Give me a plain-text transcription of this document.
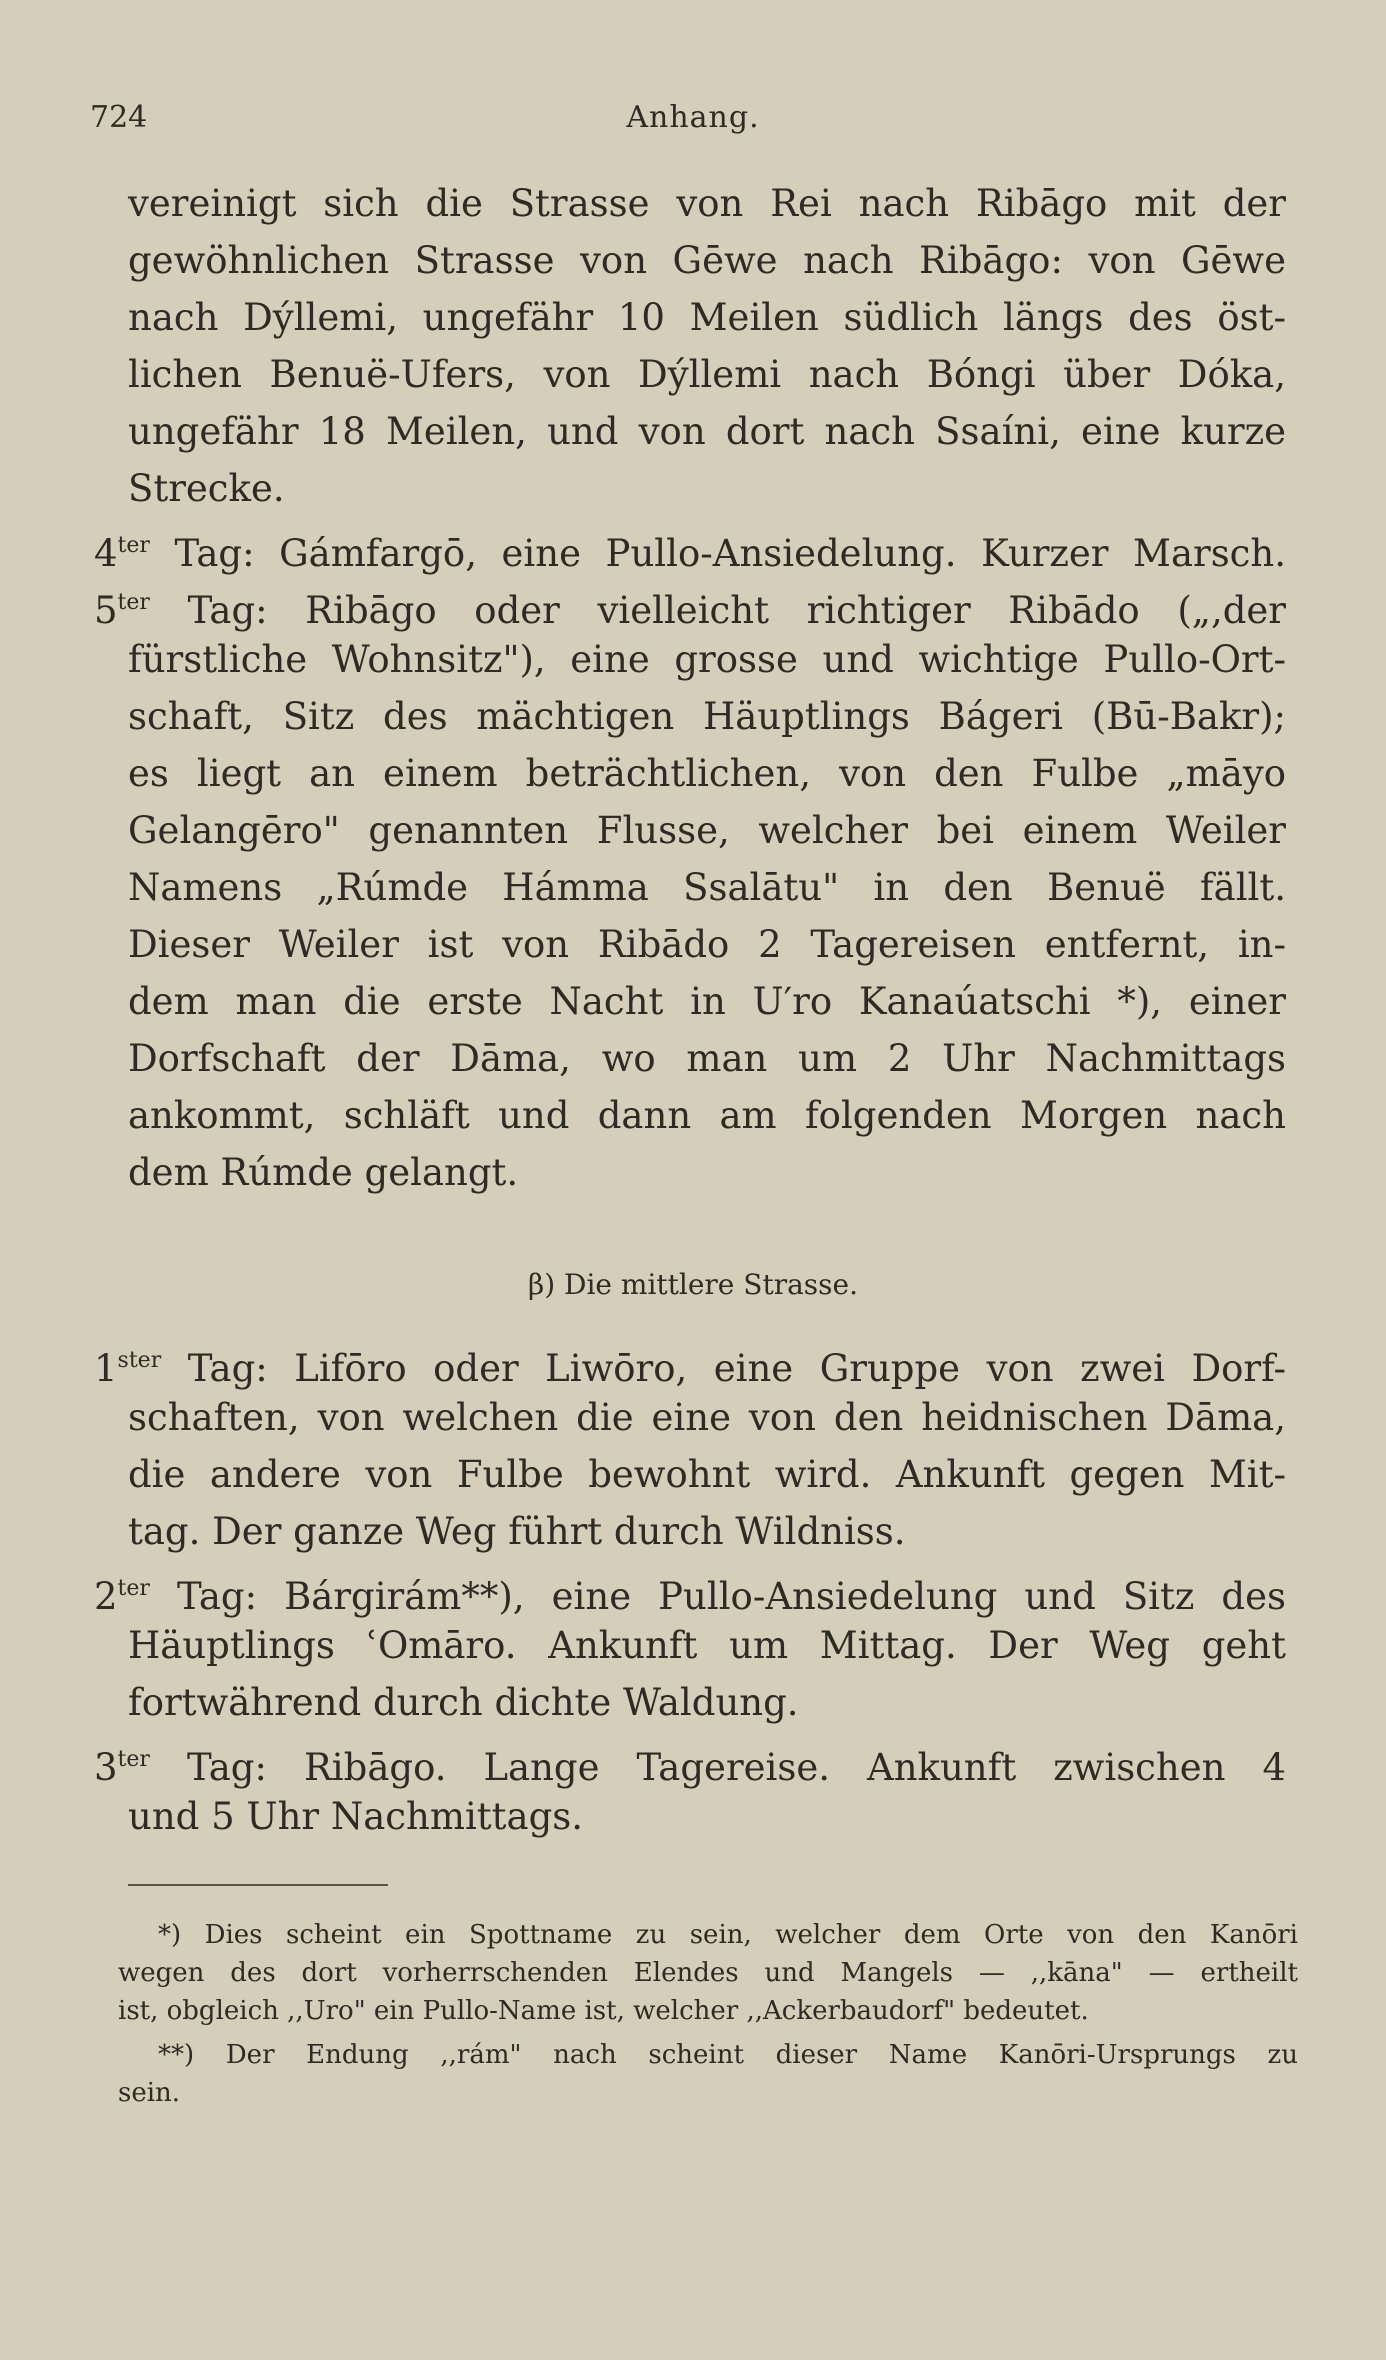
724	Anhang.

vereinigt sich die Strasse von Rei nach Ribāgo mit der
gewöhnlichen Strasse von Gēwe nach Ribāgo: von Gēwe
nach Dýllemi, ungefähr 10 Meilen südlich längs des öst-
lichen Benuë-Ufers, von Dýllemi nach Bóngi über Dóka,
ungefähr 18 Meilen, und von dort nach Ssaíni, eine kurze
Strecke.

$4^{ter}$ Tag: Gámfargō, eine Pullo-Ansiedelung. Kurzer Marsch.

$5^{ter}$ Tag: Ribāgo oder vielleicht richtiger Ribādo („,der
fürstliche Wohnsitz"), eine grosse und wichtige Pullo-Ort-
schaft, Sitz des mächtigen Häuptlings Bágeri (Bū-Bakr);
es liegt an einem beträchtlichen, von den Fulbe „māyo
Gelangēro" genannten Flusse, welcher bei einem Weiler
Namens „Rúmde Hámma Ssalātu" in den Benuë fällt.
Dieser Weiler ist von Ribādo 2 Tagereisen entfernt, in-
dem man die erste Nacht in U′ro Kanaúatschi *), einer
Dorfschaft der Dāma, wo man um 2 Uhr Nachmittags
ankommt, schläft und dann am folgenden Morgen nach
dem Rúmde gelangt.

β) Die mittlere Strasse.

$1^{ster}$ Tag: Lifōro oder Liwōro, eine Gruppe von zwei Dorf-
schaften, von welchen die eine von den heidnischen Dāma,
die andere von Fulbe bewohnt wird. Ankunft gegen Mit-
tag. Der ganze Weg führt durch Wildniss.

$2^{ter}$ Tag: Bárgirám**), eine Pullo-Ansiedelung und Sitz des
Häuptlings ʿOmāro. Ankunft um Mittag. Der Weg geht
fortwährend durch dichte Waldung.

$3^{ter}$ Tag: Ribāgo. Lange Tagereise. Ankunft zwischen 4
und 5 Uhr Nachmittags.

*) Dies scheint ein Spottname zu sein, welcher dem Orte von den Kanōri
wegen des dort vorherrschenden Elendes und Mangels — ,,kāna" — ertheilt
ist, obgleich ,,Uro" ein Pullo-Name ist, welcher ,,Ackerbaudorf" bedeutet.
**) Der Endung ,,rám" nach scheint dieser Name Kanōri-Ursprungs zu
sein.
